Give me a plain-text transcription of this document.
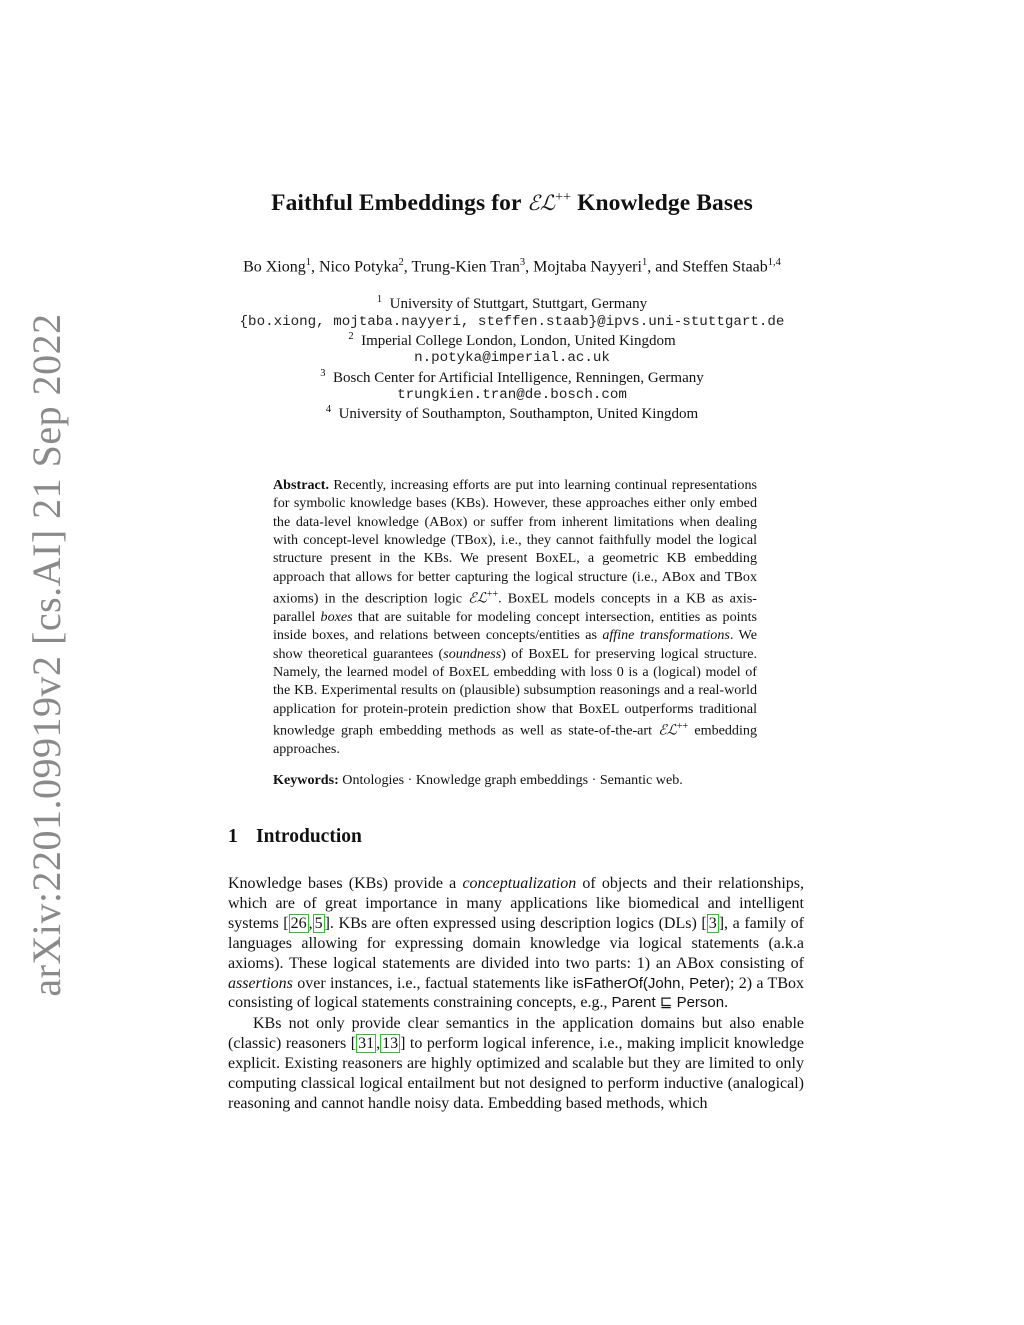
arXiv:2201.09919v2 [cs.AI] 21 Sep 2022
Faithful Embeddings for ℰℒ++ Knowledge Bases
Bo Xiong$^1$, Nico Potyka$^2$, Trung-Kien Tran$^3$, Mojtaba Nayyeri$^1$, and Steffen Staab$^{1,4}$
$^1$ University of Stuttgart, Stuttgart, Germany
{bo.xiong, mojtaba.nayyeri, steffen.staab}@ipvs.uni-stuttgart.de
$^2$ Imperial College London, London, United Kingdom
n.potyka@imperial.ac.uk
$^3$ Bosch Center for Artificial Intelligence, Renningen, Germany
trungkien.tran@de.bosch.com
$^4$ University of Southampton, Southampton, United Kingdom
Abstract. Recently, increasing efforts are put into learning continual representations for symbolic knowledge bases (KBs). However, these approaches either only embed the data-level knowledge (ABox) or suffer from inherent limitations when dealing with concept-level knowledge (TBox), i.e., they cannot faithfully model the logical structure present in the KBs. We present BoxEL, a geometric KB embedding approach that allows for better capturing the logical structure (i.e., ABox and TBox axioms) in the description logic ℰℒ++. BoxEL models concepts in a KB as axis-parallel boxes that are suitable for modeling concept intersection, entities as points inside boxes, and relations between concepts/entities as affine transformations. We show theoretical guarantees (soundness) of BoxEL for preserving logical structure. Namely, the learned model of BoxEL embedding with loss 0 is a (logical) model of the KB. Experimental results on (plausible) subsumption reasonings and a real-world application for protein-protein prediction show that BoxEL outperforms traditional knowledge graph embedding methods as well as state-of-the-art ℰℒ++ embedding approaches.
Keywords: Ontologies · Knowledge graph embeddings · Semantic web.
1 Introduction
Knowledge bases (KBs) provide a conceptualization of objects and their relationships, which are of great importance in many applications like biomedical and intelligent systems [ 26 , 5 ]. KBs are often expressed using description logics (DLs) [ 3 ], a family of languages allowing for expressing domain knowledge via logical statements (a.k.a axioms). These logical statements are divided into two parts: 1) an ABox consisting of assertions over instances, i.e., factual statements like isFatherOf(John, Peter); 2) a TBox consisting of logical statements constraining concepts, e.g., Parent ⊑ Person.
KBs not only provide clear semantics in the application domains but also enable (classic) reasoners [ 31 , 13 ] to perform logical inference, i.e., making implicit knowledge explicit. Existing reasoners are highly optimized and scalable but they are limited to only computing classical logical entailment but not designed to perform inductive (analogical) reasoning and cannot handle noisy data. Embedding based methods, which
